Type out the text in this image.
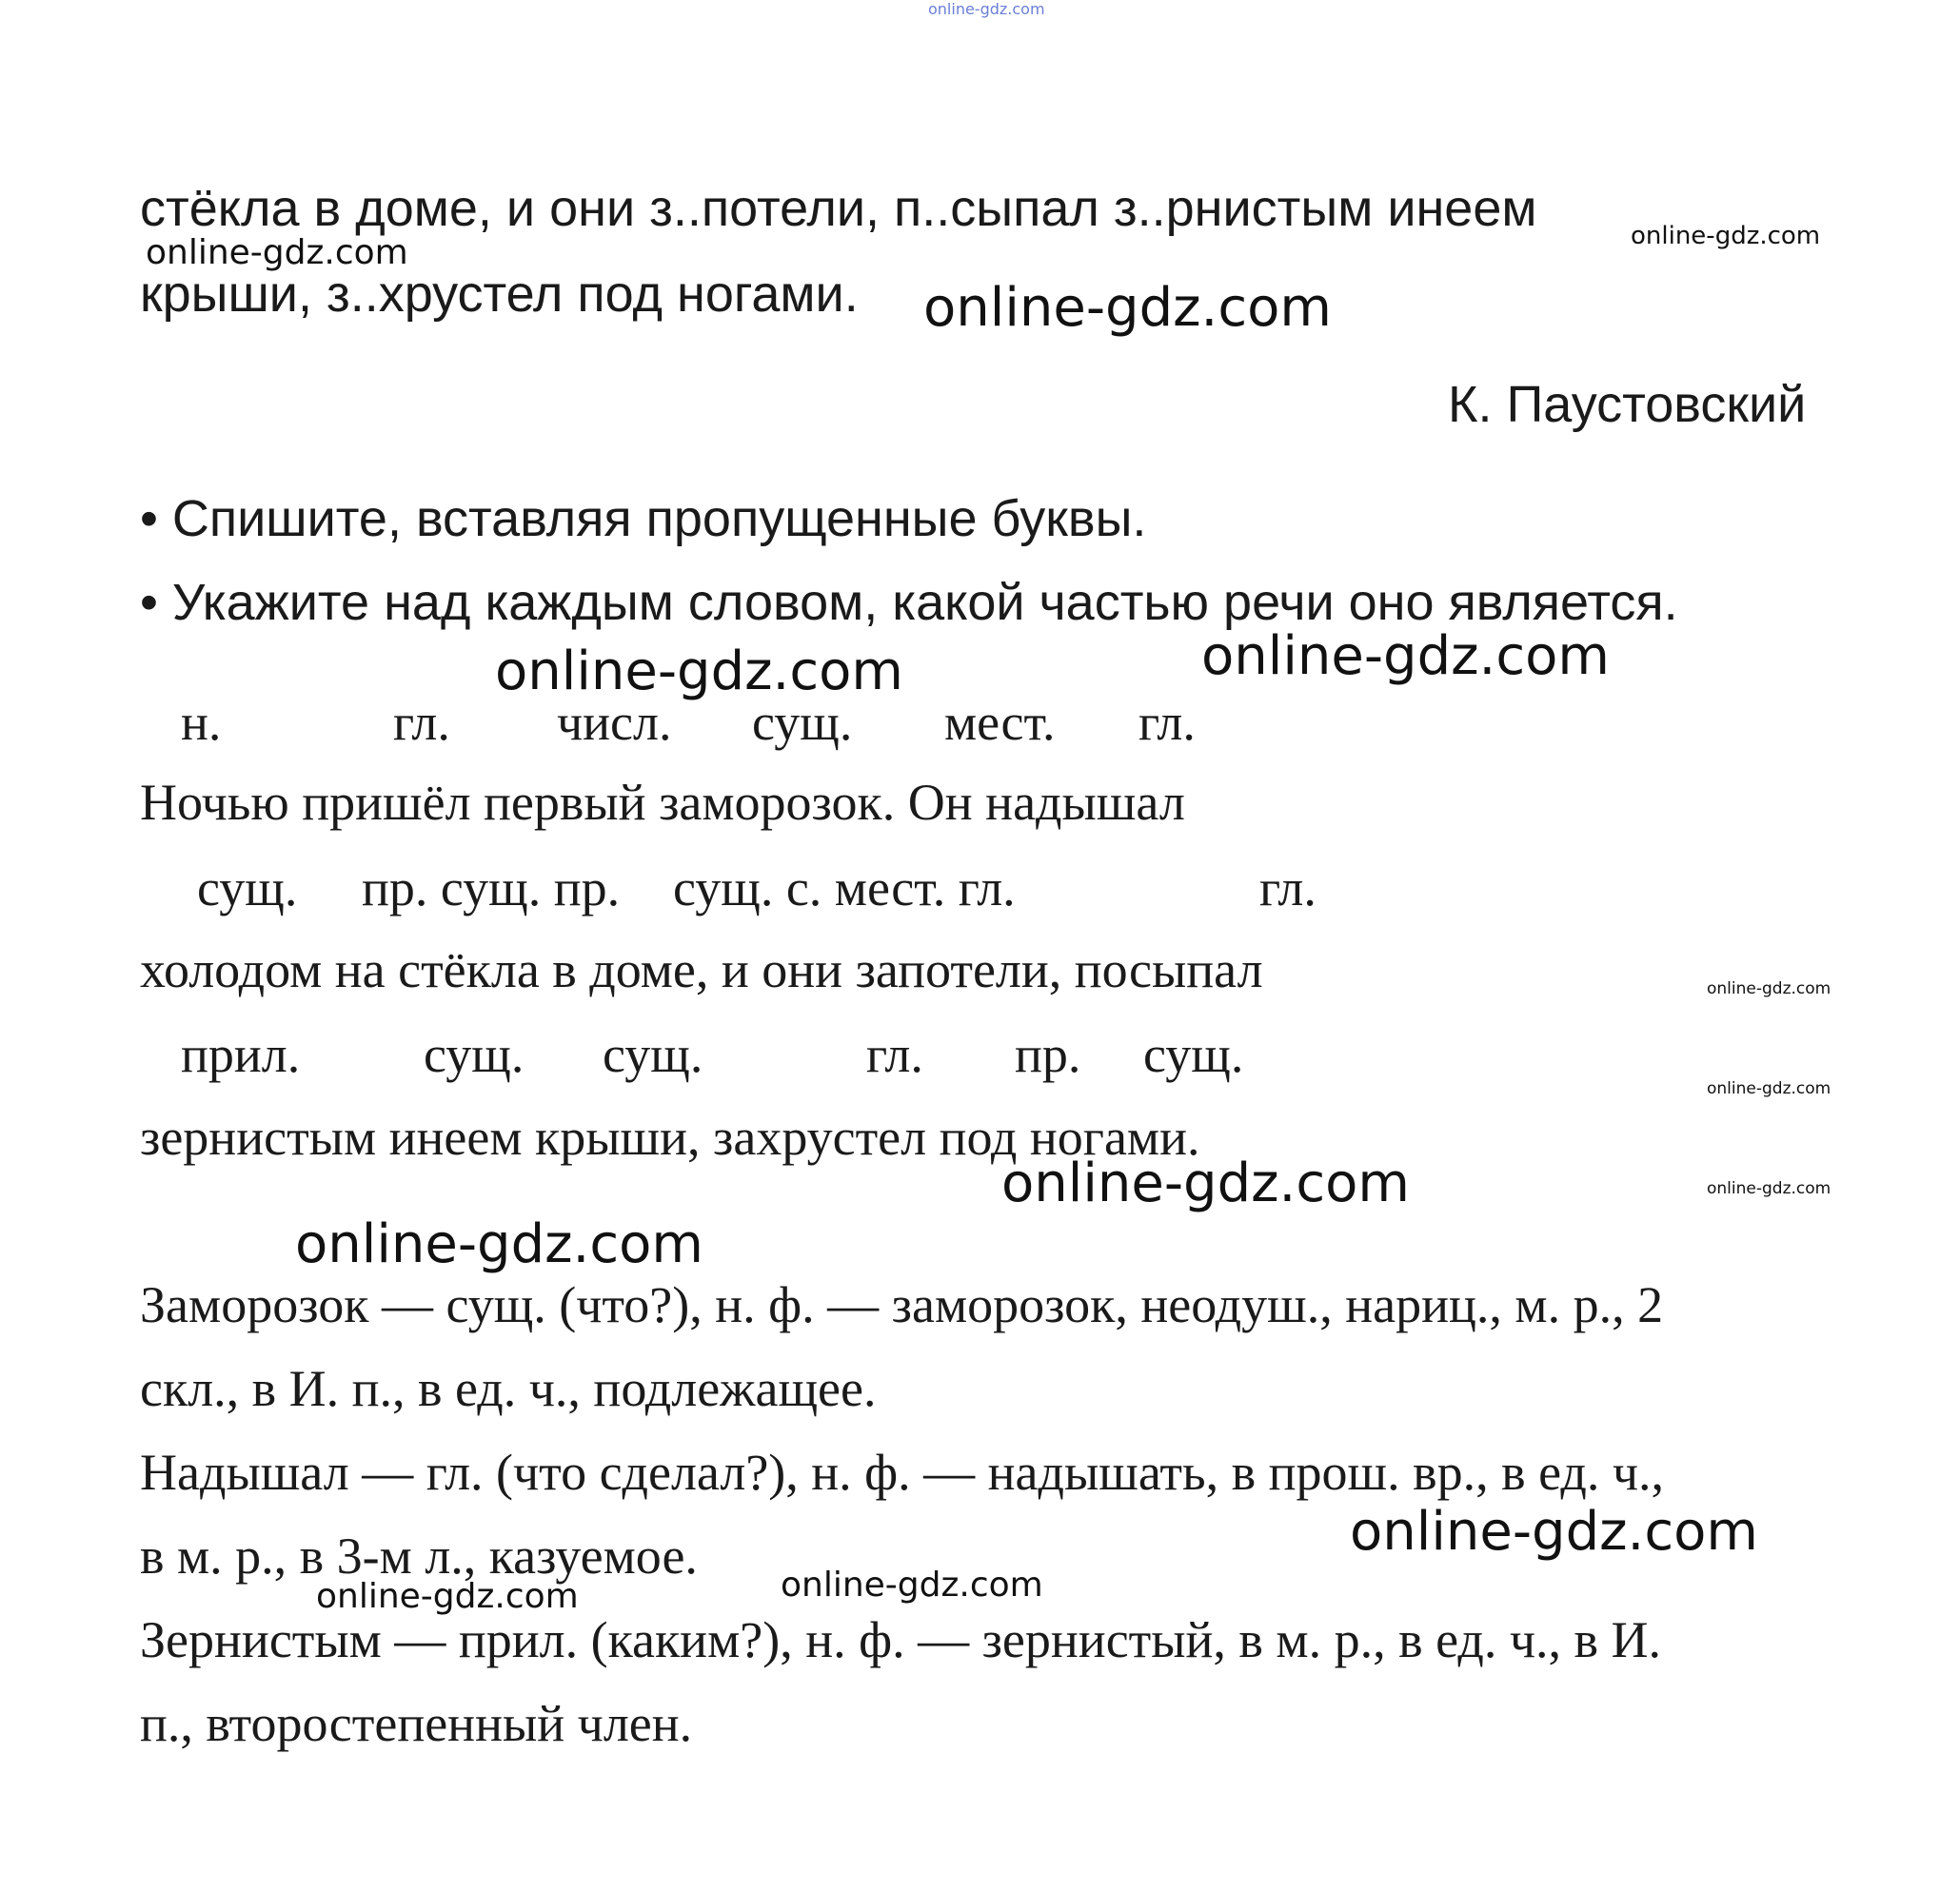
online-gdz.com
стёкла в доме, и они з..потели, п..сыпал з..рнистым инеем
online-gdz.com	online-gdz.com
крыши, з..хрустел под ногами. online-gdz.com
К. Паустовский
• Спишите, вставляя пропущенные буквы.
• Укажите над каждым словом, какой частью речи оно является.
online-gdz.com	online-gdz.com
н.	гл. числ. сущ. мест. гл.
Ночью пришёл первый заморозок. Он надышал
сущ. пр. сущ. пр. сущ. с. мест. гл.	гл.
холодом на стёкла в доме, и они запотели, посыпал	online-gdz.com
прил. сущ. сущ.	гл. пр. сущ.
online-gdz.com
зернистым инеем крыши, захрустел под ногами.
online-gdz.com	online-gdz.com
online-gdz.com
Заморозок — сущ. (что?), н. ф. — заморозок, неодуш., нариц., м. р., 2
скл., в И. п., в ед. ч., подлежащее.
Надышал — гл. (что сделал?), н. ф. — надышать, в прош. вр., в ед. ч.,
online-gdz.com
в м. р., в 3-м л., казуемое.
online-gdz.com	online-gdz.com
Зернистым — прил. (каким?), н. ф. — зернистый, в м. р., в ед. ч., в И.
п., второстепенный член.
